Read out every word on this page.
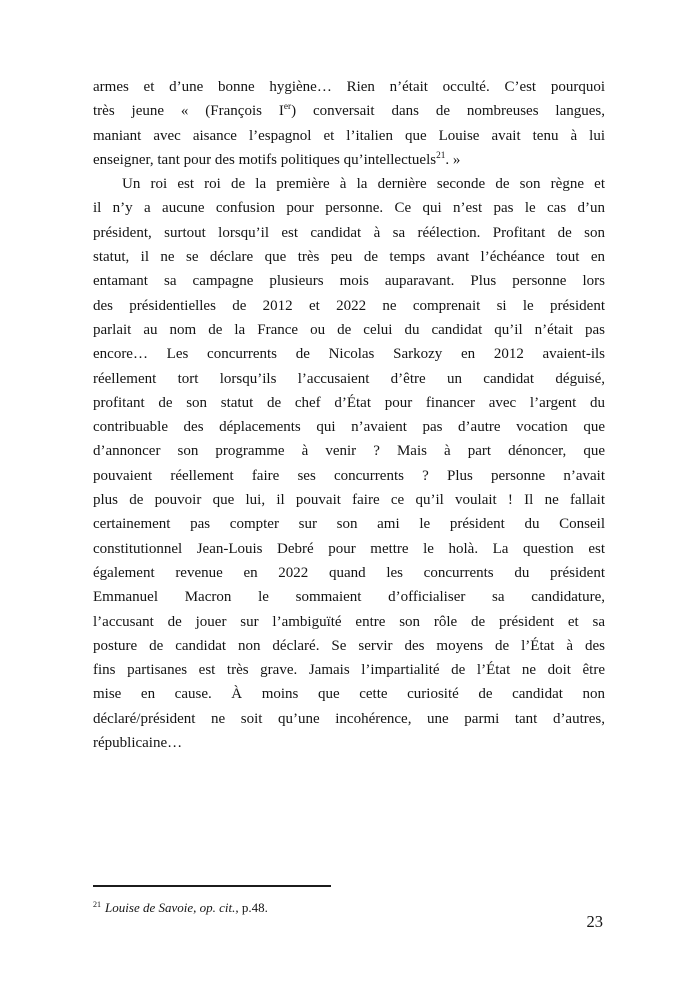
armes et d’une bonne hygiène… Rien n’était occulté. C’est pourquoi
très jeune « (François Ier) conversait dans de nombreuses langues,
maniant avec aisance l’espagnol et l’italien que Louise avait tenu à lui
enseigner, tant pour des motifs politiques qu’intellectuels$^{21}$. »
Un roi est roi de la première à la dernière seconde de son règne et
il n’y a aucune confusion pour personne. Ce qui n’est pas le cas d’un
président, surtout lorsqu’il est candidat à sa réélection. Profitant de son
statut, il ne se déclare que très peu de temps avant l’échéance tout en
entamant sa campagne plusieurs mois auparavant. Plus personne lors
des présidentielles de 2012 et 2022 ne comprenait si le président
parlait au nom de la France ou de celui du candidat qu’il n’était pas
encore… Les concurrents de Nicolas Sarkozy en 2012 avaient-ils
réellement tort lorsqu’ils l’accusaient d’être un candidat déguisé,
profitant de son statut de chef d’État pour financer avec l’argent du
contribuable des déplacements qui n’avaient pas d’autre vocation que
d’annoncer son programme à venir ? Mais à part dénoncer, que
pouvaient réellement faire ses concurrents ? Plus personne n’avait
plus de pouvoir que lui, il pouvait faire ce qu’il voulait ! Il ne fallait
certainement pas compter sur son ami le président du Conseil
constitutionnel Jean-Louis Debré pour mettre le holà. La question est
également revenue en 2022 quand les concurrents du président
Emmanuel Macron le sommaient d’officialiser sa candidature,
l’accusant de jouer sur l’ambiguïté entre son rôle de président et sa
posture de candidat non déclaré. Se servir des moyens de l’État à des
fins partisanes est très grave. Jamais l’impartialité de l’État ne doit être
mise en cause. À moins que cette curiosité de candidat non
déclaré/président ne soit qu’une incohérence, une parmi tant d’autres,
républicaine…
$^{21}$ Louise de Savoie, op. cit., p.48.
23
